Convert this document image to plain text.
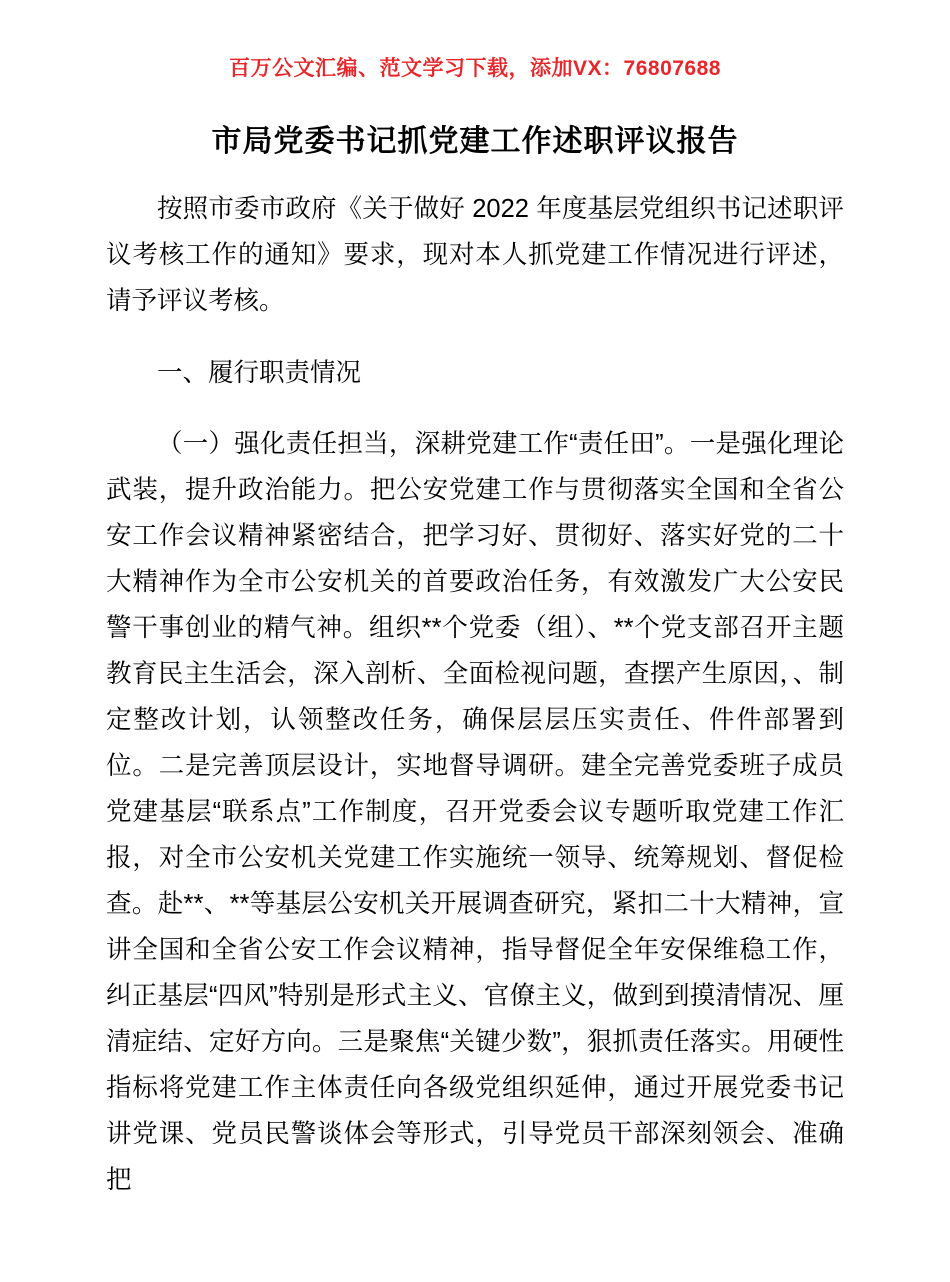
百万公文汇编、范文学习下载，添加VX：76807688
市局党委书记抓党建工作述职评议报告

按照市委市政府《关于做好 2022 年度基层党组织书记述职评议考核工作的通知》要求，现对本人抓党建工作情况进行评述，请予评议考核。

一、履行职责情况

（一）强化责任担当，深耕党建工作“责任田”。一是强化理论武装，提升政治能力。把公安党建工作与贯彻落实全国和全省公安工作会议精神紧密结合，把学习好、贯彻好、落实好党的二十大精神作为全市公安机关的首要政治任务，有效激发广大公安民警干事创业的精气神。组织**个党委（组）、**个党支部召开主题教育民主生活会，深入剖析、全面检视问题，查摆产生原因，、制定整改计划，认领整改任务，确保层层压实责任、件件部署到位。二是完善顶层设计，实地督导调研。建全完善党委班子成员党建基层“联系点”工作制度，召开党委会议专题听取党建工作汇报，对全市公安机关党建工作实施统一领导、统筹规划、督促检查。赴**、**等基层公安机关开展调查研究，紧扣二十大精神，宣讲全国和全省公安工作会议精神，指导督促全年安保维稳工作，纠正基层“四风”特别是形式主义、官僚主义，做到到摸清情况、厘清症结、定好方向。三是聚焦“关键少数”，狠抓责任落实。用硬性指标将党建工作主体责任向各级党组织延伸，通过开展党委书记讲党课、党员民警谈体会等形式，引导党员干部深刻领会、准确把
